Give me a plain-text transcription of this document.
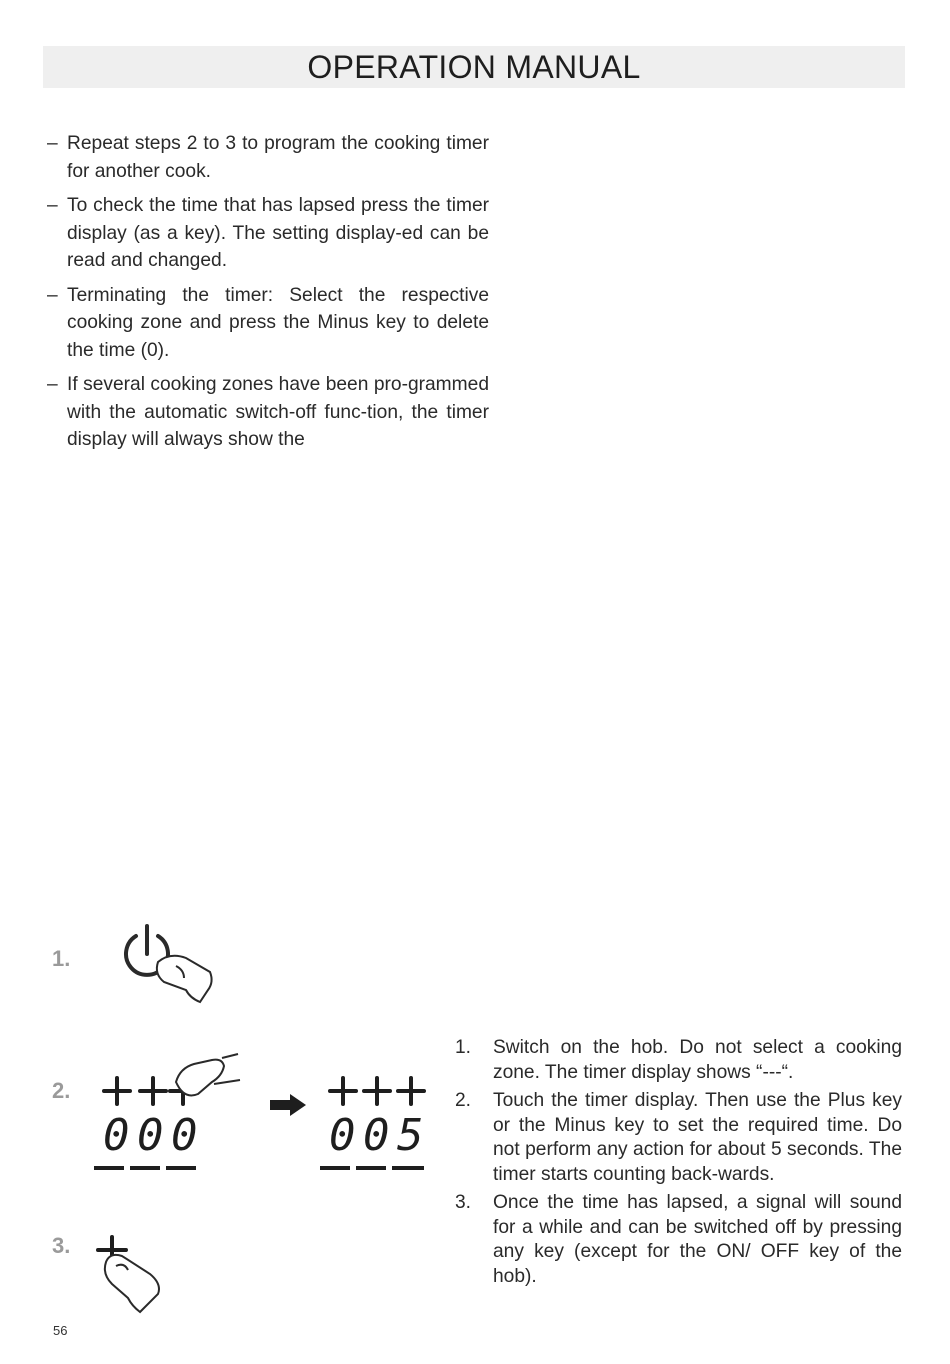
OPERATION MANUAL
– Repeat steps 2 to 3 to program the cooking timer for another cook.
– To check the time that has lapsed press the timer display (as a key). The setting display-ed can be read and changed.
– Terminating the timer: Select the respective cooking zone and press the Minus key to delete the time (0).
– If several cooking zones have been pro-grammed with the automatic switch-off func-tion, the timer display will always show the
1.
2.
3.
0 0 0	0 0 5
1. Switch on the hob. Do not select a cooking zone. The timer display shows “---“.
2. Touch the timer display. Then use the Plus key or the Minus key to set the required time. Do not perform any action for about 5 seconds. The timer starts counting back-wards.
3. Once the time has lapsed, a signal will sound for a while and can be switched off by pressing any key (except for the ON/ OFF key of the hob).
56
